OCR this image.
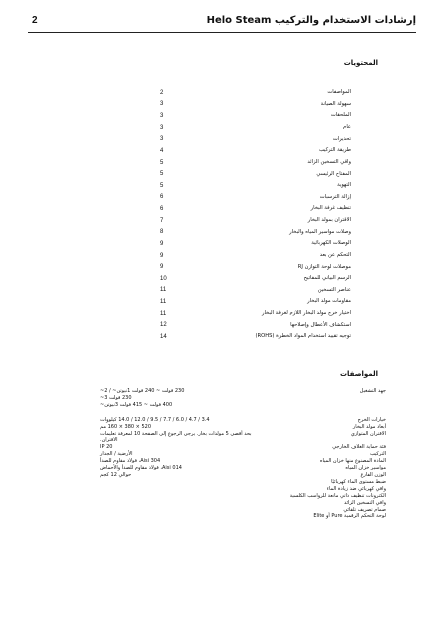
2	إرشادات الاستخدام والتركيب Helo Steam
المحتويات
2	المواصفات
3	سهولة الصيانة
3	الملحقات
3	عام
3	تحذيرات
4	طريقة التركيب
5	واقي التسخين الزائد
5	المفتاح الرئيسي
5	التهوية
6	إزالة الترسبات
6	تنظيف غرفة البخار
7	الاقتران بمولد البخار
8	وصلات مواسير المياه والبخار
9	الوصلات الكهربائية
9	التحكم عن بعد
9	موصلات لوحة التوازن RJ
10	الرسم البياني للمفاتيح
11	عناصر التسخين
11	مقاومات مولد البخار
11	اختيار خرج مولد البخار اللازم لغرفة البخار
12	استكشاف الأعطال وإصلاحها
14	توجيه تقييد استخدام المواد الخطرة (ROHS)
المواصفات
230 فولت ~ 240 فولت 1نيوتن~ / 2~	جهد التشغيل
230 فولت 3~
400 فولت ~ 415 فولت 3نيوتن~
3.4 / 4.7 / 6.0 / 7.7 / 9.5 / 12.0 / 14.0 كيلووات	خيارات الخرج
520 × 380 × 160 مم	أبعاد مولد البخار
بحد أقصى 5 مولدات بخار. يرجى الرجوع إلى الصفحة 10 لمعرفة تعليمات	الاقتران المتوازي
الاقتران.
IP 20	فئة حماية الغلاف الخارجي
الأرضية / الجدار	التركيب
Aisi 304، فولاذ مقاوم للصدأ	المادة المصنوع منها خزان المياه
Aisi 014، فولاذ مقاوم للصدأ والأحماض	مواسير خزان المياه
حوالي 12 كجم	الوزن الفارغ
ضبط مستوى الماء كهربائيًا
واقي كهربائي ضد زيادة الماء
الكترونات تنظيف ذاتي مانعة للرواسب الكلسية
واقي التسخين الزائد
صمام تصريف تلقائي
لوحة التحكم الرقمية Pure أو Elite
